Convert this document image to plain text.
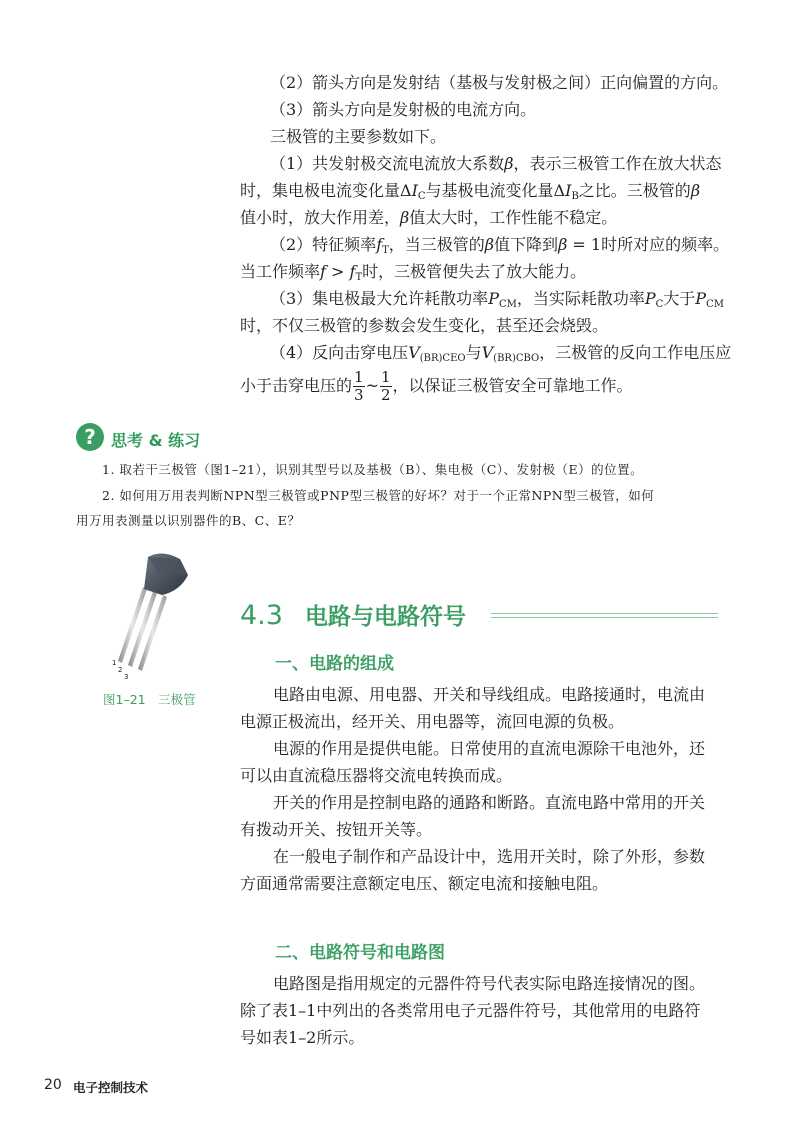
（2）箭头方向是发射结（基极与发射极之间）正向偏置的方向。
（3）箭头方向是发射极的电流方向。
三极管的主要参数如下。
（1）共发射极交流电流放大系数β，表示三极管工作在放大状态
时，集电极电流变化量$\Delta I_C$与基极电流变化量$\Delta I_B$之比。三极管的β
值小时，放大作用差，β值太大时，工作性能不稳定。
（2）特征频率$f_T$，当三极管的β值下降到β = 1时所对应的频率。
当工作频率$f > f_T$时，三极管便失去了放大能力。
（3）集电极最大允许耗散功率$P_{CM}$，当实际耗散功率$P_C$大于$P_{CM}$
时，不仅三极管的参数会发生变化，甚至还会烧毁。
（4）反向击穿电压$V_{(BR)CEO}$与$V_{(BR)CBO}$，三极管的反向工作电压应
小于击穿电压的 $\frac{1}{3}$ ~ $\frac{1}{2}$ ，以保证三极管安全可靠地工作。
? 思考 & 练习
1. 取若干三极管（图1–21），识别其型号以及基极（B）、集电极（C）、发射极（E）的位置。
2. 如何用万用表判断NPN型三极管或PNP型三极管的好坏？对于一个正常NPN型三极管，如何
用万用表测量以识别器件的B、C、E？
1
2
3
图1–21　三极管
4.3 电路与电路符号
一、电路的组成
电路由电源、用电器、开关和导线组成。电路接通时，电流由
电源正极流出，经开关、用电器等，流回电源的负极。
电源的作用是提供电能。日常使用的直流电源除干电池外，还
可以由直流稳压器将交流电转换而成。
开关的作用是控制电路的通路和断路。直流电路中常用的开关
有拨动开关、按钮开关等。
在一般电子制作和产品设计中，选用开关时，除了外形，参数
方面通常需要注意额定电压、额定电流和接触电阻。
二、电路符号和电路图
电路图是指用规定的元器件符号代表实际电路连接情况的图。
除了表1–1中列出的各类常用电子元器件符号，其他常用的电路符
号如表1–2所示。
20 电子控制技术
